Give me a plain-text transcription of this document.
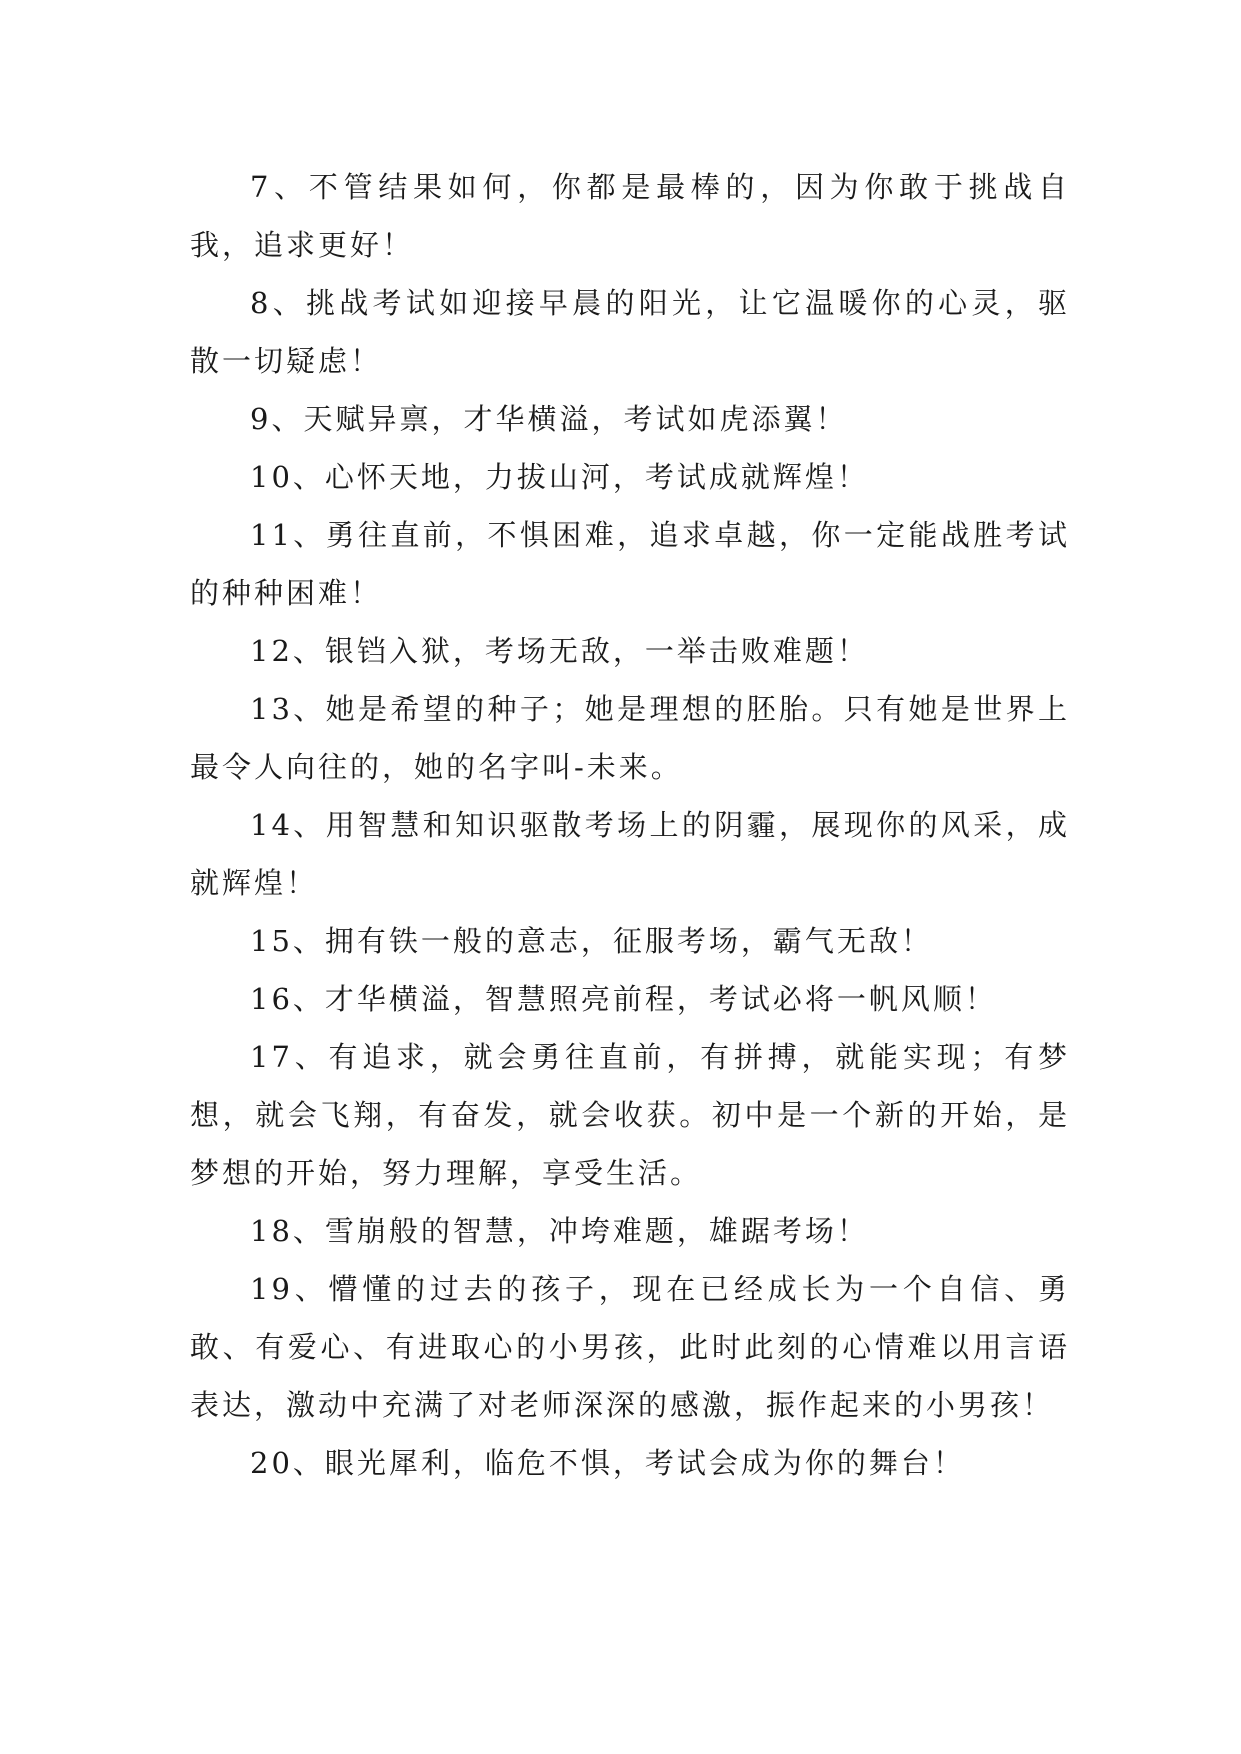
7、不管结果如何，你都是最棒的，因为你敢于挑战自我，追求更好！

8、挑战考试如迎接早晨的阳光，让它温暖你的心灵，驱散一切疑虑！

9、天赋异禀，才华横溢，考试如虎添翼！

10、心怀天地，力拔山河，考试成就辉煌！

11、勇往直前，不惧困难，追求卓越，你一定能战胜考试的种种困难！

12、银铛入狱，考场无敌，一举击败难题！

13、她是希望的种子；她是理想的胚胎。只有她是世界上最令人向往的，她的名字叫-未来。

14、用智慧和知识驱散考场上的阴霾，展现你的风采，成就辉煌！

15、拥有铁一般的意志，征服考场，霸气无敌！

16、才华横溢，智慧照亮前程，考试必将一帆风顺！

17、有追求，就会勇往直前，有拼搏，就能实现；有梦想，就会飞翔，有奋发，就会收获。初中是一个新的开始，是梦想的开始，努力理解，享受生活。

18、雪崩般的智慧，冲垮难题，雄踞考场！

19、懵懂的过去的孩子，现在已经成长为一个自信、勇敢、有爱心、有进取心的小男孩，此时此刻的心情难以用言语表达，激动中充满了对老师深深的感激，振作起来的小男孩！

20、眼光犀利，临危不惧，考试会成为你的舞台！
